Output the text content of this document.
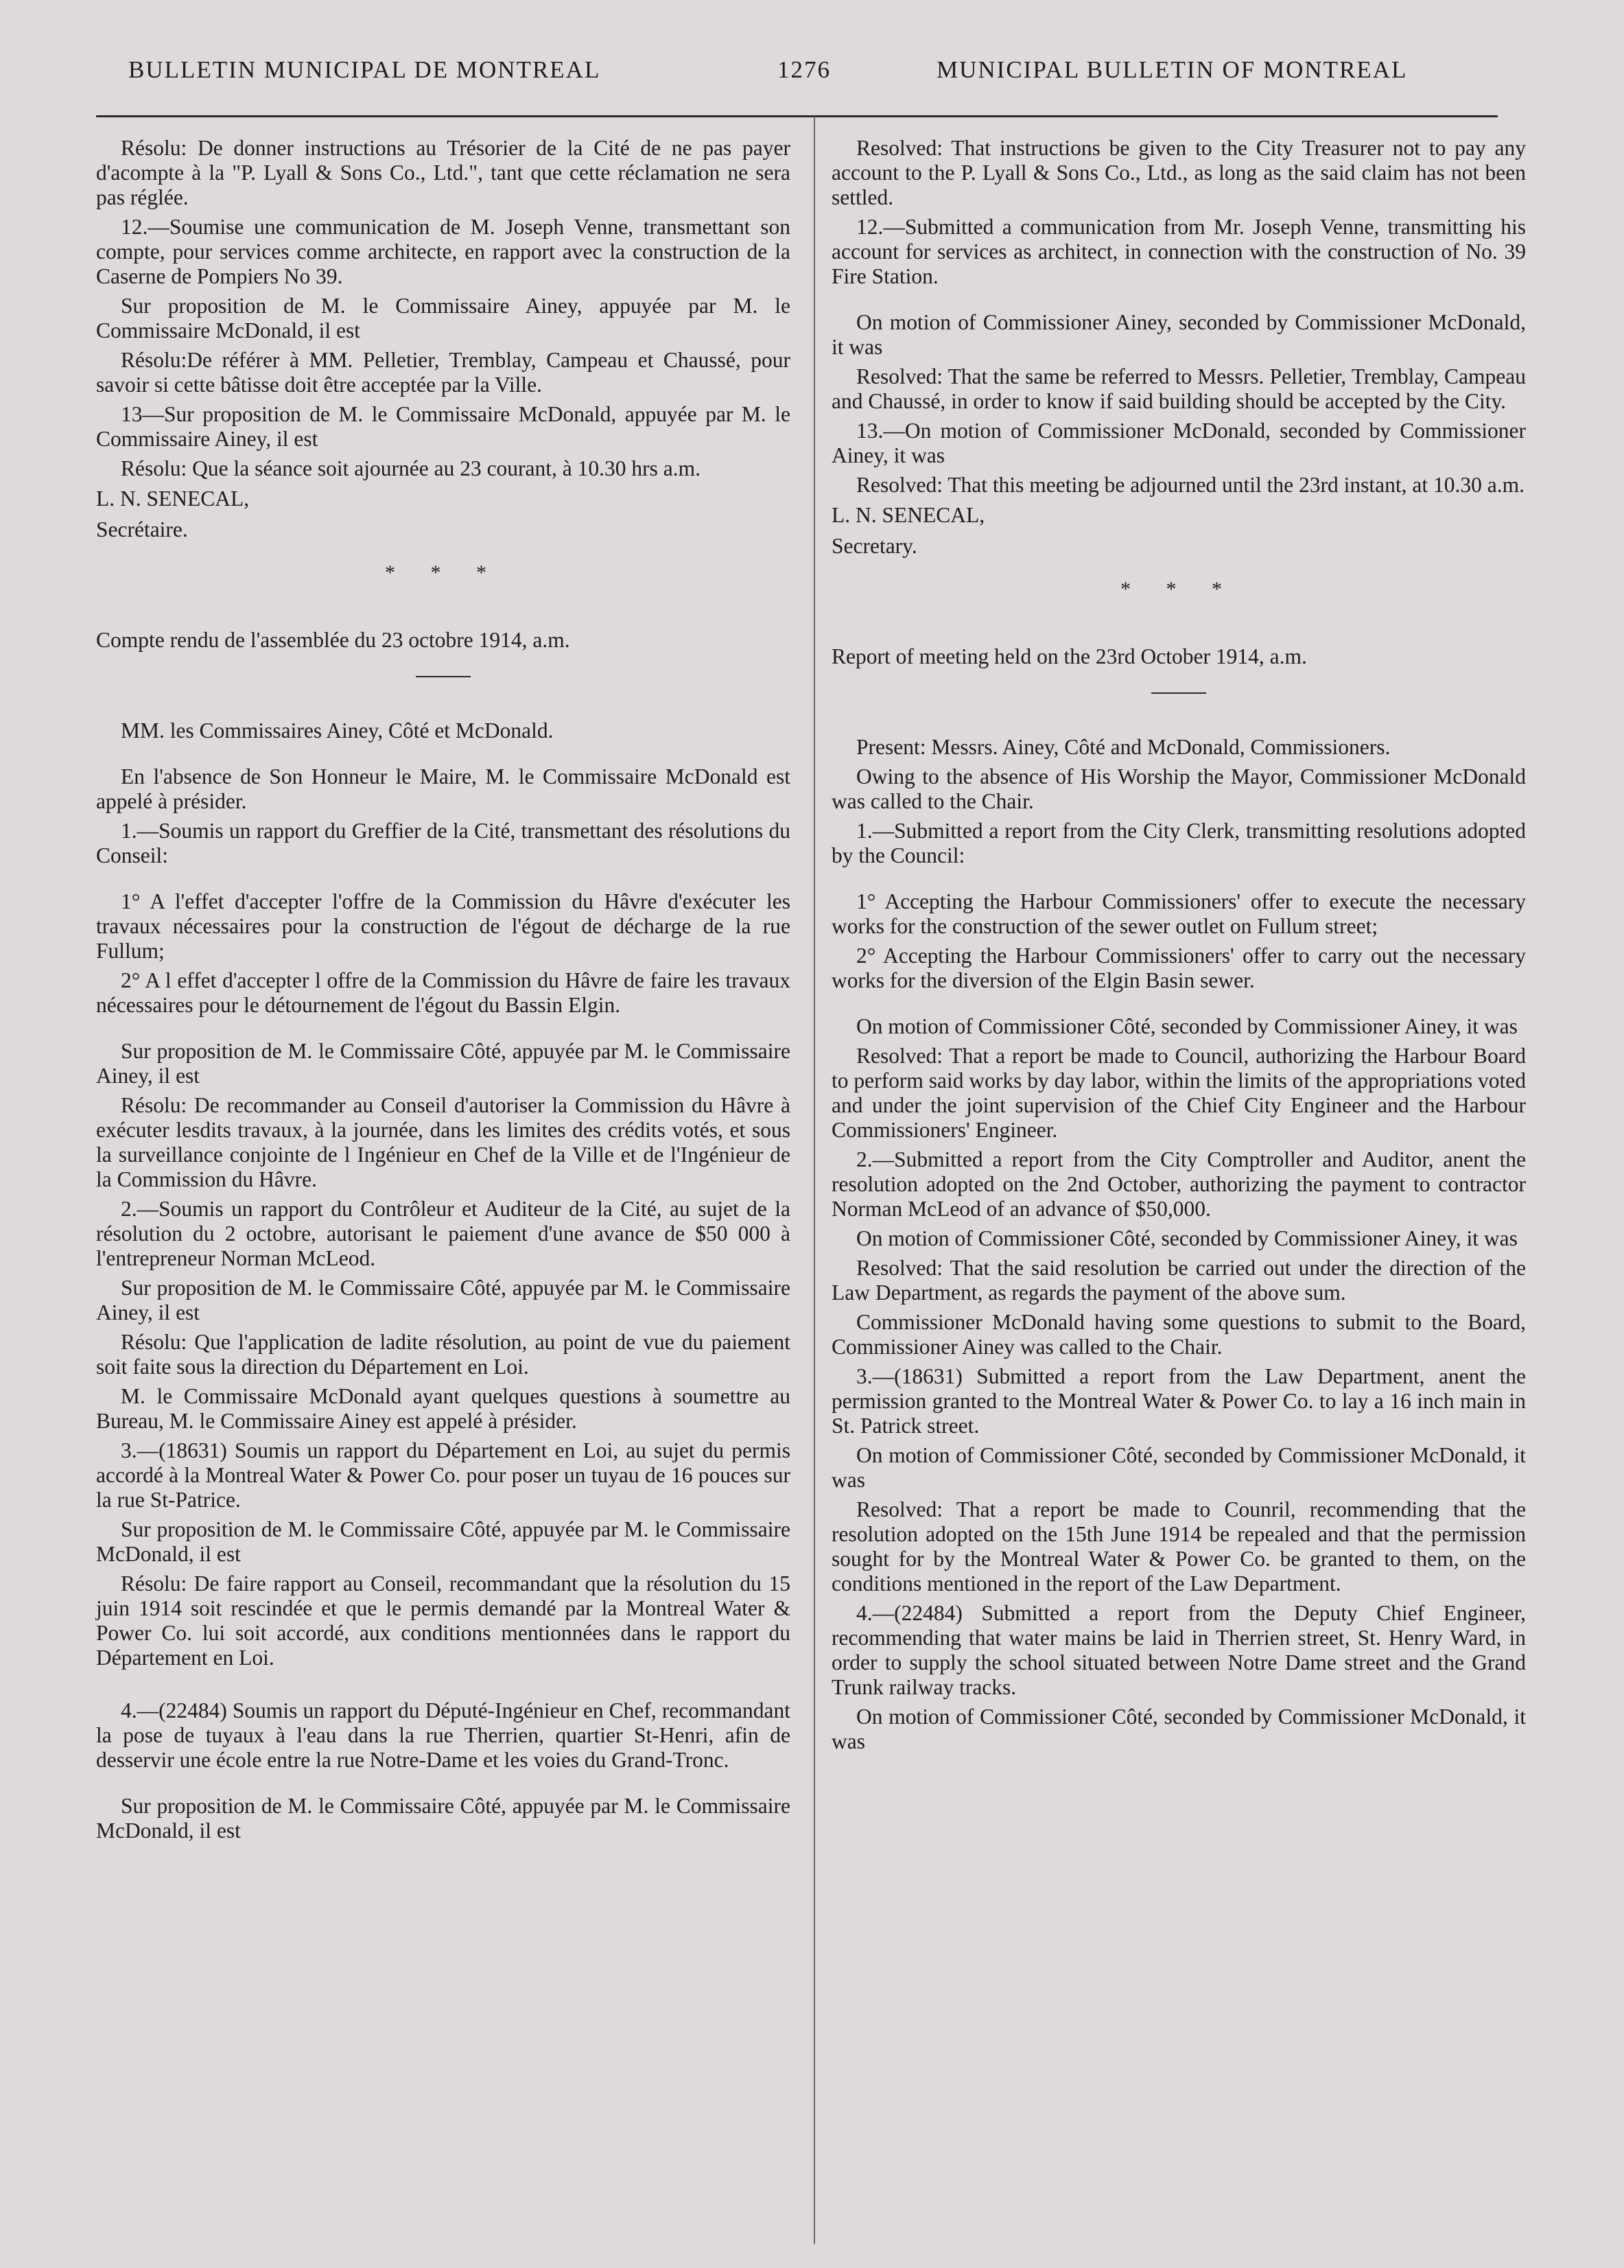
BULLETIN MUNICIPAL DE MONTREAL	1276	MUNICIPAL BULLETIN OF MONTREAL

Résolu: De donner instructions au Trésorier de la Cité de ne pas payer d'acompte à la "P. Lyall & Sons Co., Ltd.", tant que cette réclamation ne sera pas réglée.

12.—Soumise une communication de M. Joseph Venne, transmettant son compte, pour services comme architecte, en rapport avec la construction de la Caserne de Pompiers No 39.

Sur proposition de M. le Commissaire Ainey, appuyée par M. le Commissaire McDonald, il est

Résolu:De référer à MM. Pelletier, Tremblay, Campeau et Chaussé, pour savoir si cette bâtisse doit être acceptée par la Ville.

13—Sur proposition de M. le Commissaire McDonald, appuyée par M. le Commissaire Ainey, il est

Résolu: Que la séance soit ajournée au 23 courant, à 10.30 hrs a.m.

L. N. SENECAL,

Secrétaire.

* * *

Compte rendu de l'assemblée du 23 octobre 1914, a.m.

MM. les Commissaires Ainey, Côté et McDonald.

En l'absence de Son Honneur le Maire, M. le Commissaire McDonald est appelé à présider.

1.—Soumis un rapport du Greffier de la Cité, transmettant des résolutions du Conseil:

1° A l'effet d'accepter l'offre de la Commission du Hâvre d'exécuter les travaux nécessaires pour la construction de l'égout de décharge de la rue Fullum;

2° A l effet d'accepter l offre de la Commission du Hâvre de faire les travaux nécessaires pour le détournement de l'égout du Bassin Elgin.

Sur proposition de M. le Commissaire Côté, appuyée par M. le Commissaire Ainey, il est

Résolu: De recommander au Conseil d'autoriser la Commission du Hâvre à exécuter lesdits travaux, à la journée, dans les limites des crédits votés, et sous la surveillance conjointe de l Ingénieur en Chef de la Ville et de l'Ingénieur de la Commission du Hâvre.

2.—Soumis un rapport du Contrôleur et Auditeur de la Cité, au sujet de la résolution du 2 octobre, autorisant le paiement d'une avance de $50 000 à l'entrepreneur Norman McLeod.

Sur proposition de M. le Commissaire Côté, appuyée par M. le Commissaire Ainey, il est

Résolu: Que l'application de ladite résolution, au point de vue du paiement soit faite sous la direction du Département en Loi.

M. le Commissaire McDonald ayant quelques questions à soumettre au Bureau, M. le Commissaire Ainey est appelé à présider.

3.—(18631) Soumis un rapport du Département en Loi, au sujet du permis accordé à la Montreal Water & Power Co. pour poser un tuyau de 16 pouces sur la rue St-Patrice.

Sur proposition de M. le Commissaire Côté, appuyée par M. le Commissaire McDonald, il est

Résolu: De faire rapport au Conseil, recommandant que la résolution du 15 juin 1914 soit rescindée et que le permis demandé par la Montreal Water & Power Co. lui soit accordé, aux conditions mentionnées dans le rapport du Département en Loi.

4.—(22484) Soumis un rapport du Député-Ingénieur en Chef, recommandant la pose de tuyaux à l'eau dans la rue Therrien, quartier St-Henri, afin de desservir une école entre la rue Notre-Dame et les voies du Grand-Tronc.

Sur proposition de M. le Commissaire Côté, appuyée par M. le Commissaire McDonald, il est

Resolved: That instructions be given to the City Treasurer not to pay any account to the P. Lyall & Sons Co., Ltd., as long as the said claim has not been settled.

12.—Submitted a communication from Mr. Joseph Venne, transmitting his account for services as architect, in connection with the construction of No. 39 Fire Station.

On motion of Commissioner Ainey, seconded by Commissioner McDonald, it was

Resolved: That the same be referred to Messrs. Pelletier, Tremblay, Campeau and Chaussé, in order to know if said building should be accepted by the City.

13.—On motion of Commissioner McDonald, seconded by Commissioner Ainey, it was

Resolved: That this meeting be adjourned until the 23rd instant, at 10.30 a.m.

L. N. SENECAL,

Secretary.

* * *

Report of meeting held on the 23rd October 1914, a.m.

Present: Messrs. Ainey, Côté and McDonald, Commissioners.

Owing to the absence of His Worship the Mayor, Commissioner McDonald was called to the Chair.

1.—Submitted a report from the City Clerk, transmitting resolutions adopted by the Council:

1° Accepting the Harbour Commissioners' offer to execute the necessary works for the construction of the sewer outlet on Fullum street;

2° Accepting the Harbour Commissioners' offer to carry out the necessary works for the diversion of the Elgin Basin sewer.

On motion of Commissioner Côté, seconded by Commissioner Ainey, it was

Resolved: That a report be made to Council, authorizing the Harbour Board to perform said works by day labor, within the limits of the appropriations voted and under the joint supervision of the Chief City Engineer and the Harbour Commissioners' Engineer.

2.—Submitted a report from the City Comptroller and Auditor, anent the resolution adopted on the 2nd October, authorizing the payment to contractor Norman McLeod of an advance of $50,000.

On motion of Commissioner Côté, seconded by Commissioner Ainey, it was

Resolved: That the said resolution be carried out under the direction of the Law Department, as regards the payment of the above sum.

Commissioner McDonald having some questions to submit to the Board, Commissioner Ainey was called to the Chair.

3.—(18631) Submitted a report from the Law Department, anent the permission granted to the Montreal Water & Power Co. to lay a 16 inch main in St. Patrick street.

On motion of Commissioner Côté, seconded by Commissioner McDonald, it was

Resolved: That a report be made to Counril, recommending that the resolution adopted on the 15th June 1914 be repealed and that the permission sought for by the Montreal Water & Power Co. be granted to them, on the conditions mentioned in the report of the Law Department.

4.—(22484) Submitted a report from the Deputy Chief Engineer, recommending that water mains be laid in Therrien street, St. Henry Ward, in order to supply the school situated between Notre Dame street and the Grand Trunk railway tracks.

On motion of Commissioner Côté, seconded by Commissioner McDonald, it was
